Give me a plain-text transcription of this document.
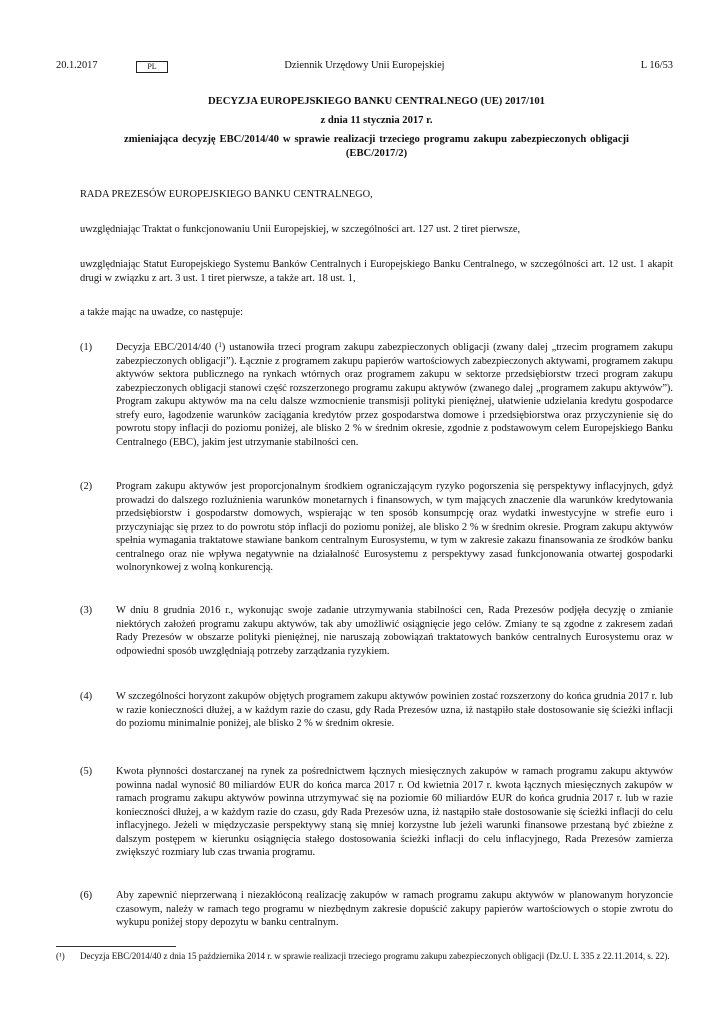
20.1.2017	PL	Dziennik Urzędowy Unii Europejskiej	L 16/53
DECYZJA EUROPEJSKIEGO BANKU CENTRALNEGO (UE) 2017/101
z dnia 11 stycznia 2017 r.
zmieniająca decyzję EBC/2014/40 w sprawie realizacji trzeciego programu zakupu zabezpieczonych obligacji (EBC/2017/2)

RADA PREZESÓW EUROPEJSKIEGO BANKU CENTRALNEGO,

uwzględniając Traktat o funkcjonowaniu Unii Europejskiej, w szczególności art. 127 ust. 2 tiret pierwsze,

uwzględniając Statut Europejskiego Systemu Banków Centralnych i Europejskiego Banku Centralnego, w szczególności art. 12 ust. 1 akapit drugi w związku z art. 3 ust. 1 tiret pierwsze, a także art. 18 ust. 1,

a także mając na uwadze, co następuje:

(1) Decyzja EBC/2014/40 ($^1$) ustanowiła trzeci program zakupu zabezpieczonych obligacji (zwany dalej „trzecim programem zakupu zabezpieczonych obligacji”). Łącznie z programem zakupu papierów wartościowych zabezpieczonych aktywami, programem zakupu aktywów sektora publicznego na rynkach wtórnych oraz programem zakupu w sektorze przedsiębiorstw trzeci program zakupu zabezpieczonych obligacji stanowi część rozszerzonego programu zakupu aktywów (zwanego dalej „programem zakupu aktywów”). Program zakupu aktywów ma na celu dalsze wzmocnienie transmisji polityki pieniężnej, ułatwienie udzielania kredytu gospodarce strefy euro, łagodzenie warunków zaciągania kredytów przez gospodarstwa domowe i przedsiębiorstwa oraz przyczynienie się do powrotu stopy inflacji do poziomu poniżej, ale blisko 2 % w średnim okresie, zgodnie z podstawowym celem Europejskiego Banku Centralnego (EBC), jakim jest utrzymanie stabilności cen.

(2) Program zakupu aktywów jest proporcjonalnym środkiem ograniczającym ryzyko pogorszenia się perspektywy inflacyjnych, gdyż prowadzi do dalszego rozluźnienia warunków monetarnych i finansowych, w tym mających znaczenie dla warunków kredytowania przedsiębiorstw i gospodarstw domowych, wspierając w ten sposób konsumpcję oraz wydatki inwestycyjne w strefie euro i przyczyniając się przez to do powrotu stóp inflacji do poziomu poniżej, ale blisko 2 % w średnim okresie. Program zakupu aktywów spełnia wymagania traktatowe stawiane bankom centralnym Eurosystemu, w tym w zakresie zakazu finansowania ze środków banku centralnego oraz nie wpływa negatywnie na działalność Eurosystemu z perspektywy zasad funkcjonowania otwartej gospodarki wolnorynkowej z wolną konkurencją.

(3) W dniu 8 grudnia 2016 r., wykonując swoje zadanie utrzymywania stabilności cen, Rada Prezesów podjęła decyzję o zmianie niektórych założeń programu zakupu aktywów, tak aby umożliwić osiągnięcie jego celów. Zmiany te są zgodne z zakresem zadań Rady Prezesów w obszarze polityki pieniężnej, nie naruszają zobowiązań traktatowych banków centralnych Eurosystemu oraz w odpowiedni sposób uwzględniają potrzeby zarządzania ryzykiem.

(4) W szczególności horyzont zakupów objętych programem zakupu aktywów powinien zostać rozszerzony do końca grudnia 2017 r. lub w razie konieczności dłużej, a w każdym razie do czasu, gdy Rada Prezesów uzna, iż nastąpiło stałe dostosowanie się ścieżki inflacji do poziomu minimalnie poniżej, ale blisko 2 % w średnim okresie.

(5) Kwota płynności dostarczanej na rynek za pośrednictwem łącznych miesięcznych zakupów w ramach programu zakupu aktywów powinna nadal wynosić 80 miliardów EUR do końca marca 2017 r. Od kwietnia 2017 r. kwota łącznych miesięcznych zakupów w ramach programu zakupu aktywów powinna utrzymywać się na poziomie 60 miliardów EUR do końca grudnia 2017 r. lub w razie konieczności dłużej, a w każdym razie do czasu, gdy Rada Prezesów uzna, iż nastąpiło stałe dostosowanie się ścieżki inflacji do celu inflacyjnego. Jeżeli w międzyczasie perspektywy staną się mniej korzystne lub jeżeli warunki finansowe przestaną być zbieżne z dalszym postępem w kierunku osiągnięcia stałego dostosowania ścieżki inflacji do celu inflacyjnego, Rada Prezesów zamierza zwiększyć rozmiary lub czas trwania programu.

(6) Aby zapewnić nieprzerwaną i niezakłóconą realizację zakupów w ramach programu zakupu aktywów w planowanym horyzoncie czasowym, należy w ramach tego programu w niezbędnym zakresie dopuścić zakupy papierów wartościowych o stopie zwrotu do wykupu poniżej stopy depozytu w banku centralnym.

(¹) Decyzja EBC/2014/40 z dnia 15 października 2014 r. w sprawie realizacji trzeciego programu zakupu zabezpieczonych obligacji (Dz.U. L 335 z 22.11.2014, s. 22).
